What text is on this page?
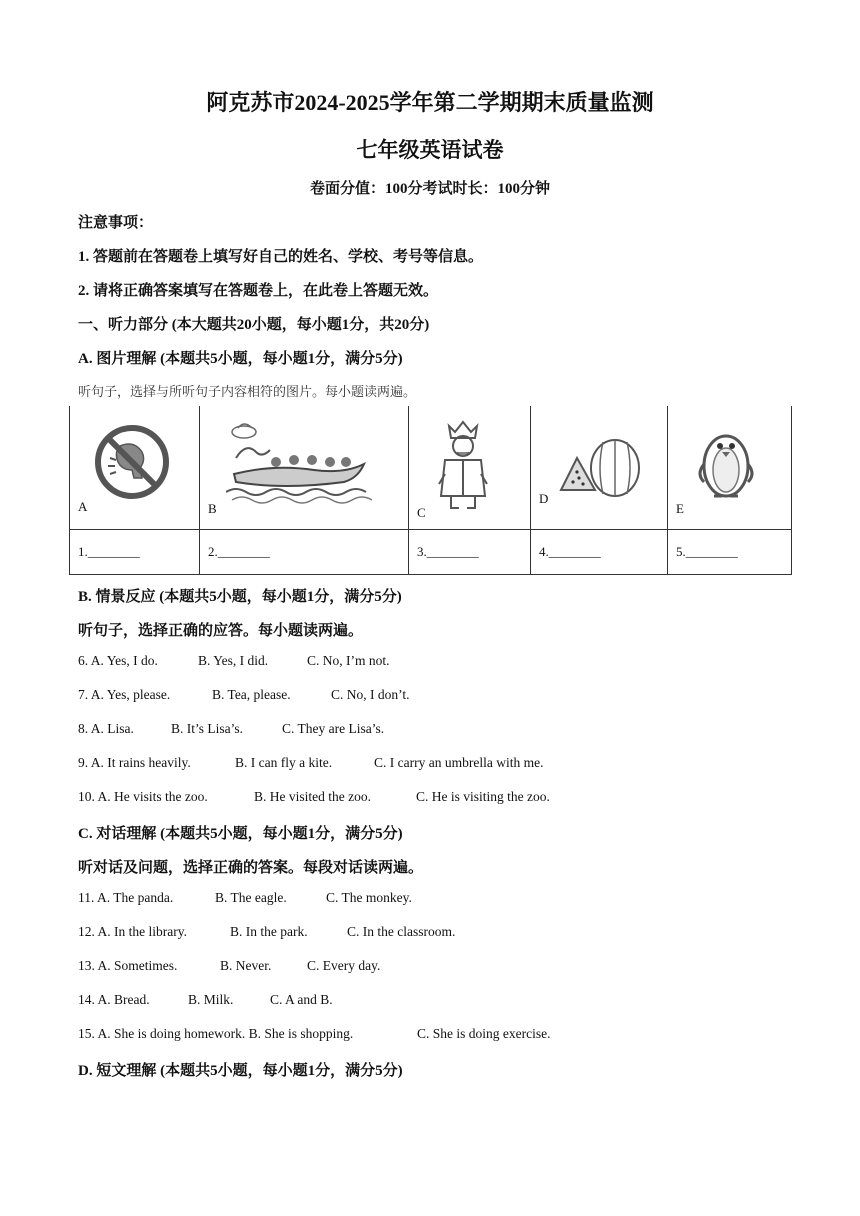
阿克苏市2024-2025学年第二学期期末质量监测
七年级英语试卷
卷面分值：100分考试时长：100分钟
注意事项：
1. 答题前在答题卷上填写好自己的姓名、学校、考号等信息。
2. 请将正确答案填写在答题卷上，在此卷上答题无效。
一、听力部分 (本大题共20小题，每小题1分，共20分)
A. 图片理解 (本题共5小题，每小题1分，满分5分)
听句子，选择与所听句子内容相符的图片。每小题读两遍。
A	B	C	D	E

1.________	2.________	3.________	4.________	5.________
B. 情景反应 (本题共5小题，每小题1分，满分5分)
听句子，选择正确的应答。每小题读两遍。
6. A. Yes, I do.	B. Yes, I did.	C. No, I’m not.
7. A. Yes, please.	B. Tea, please.	C. No, I don’t.
8. A. Lisa.	B. It’s Lisa’s.	C. They are Lisa’s.
9. A. It rains heavily.	B. I can fly a kite.	C. I carry an umbrella with me.
10. A. He visits the zoo.	B. He visited the zoo.	C. He is visiting the zoo.
C. 对话理解 (本题共5小题，每小题1分，满分5分)
听对话及问题，选择正确的答案。每段对话读两遍。
11. A. The panda.	B. The eagle.	C. The monkey.
12. A. In the library.	B. In the park.	C. In the classroom.
13. A. Sometimes.	B. Never.	C. Every day.
14. A. Bread.	B. Milk.	C. A and B.
15. A. She is doing homework. B. She is shopping.	C. She is doing exercise.
D. 短文理解 (本题共5小题，每小题1分，满分5分)
